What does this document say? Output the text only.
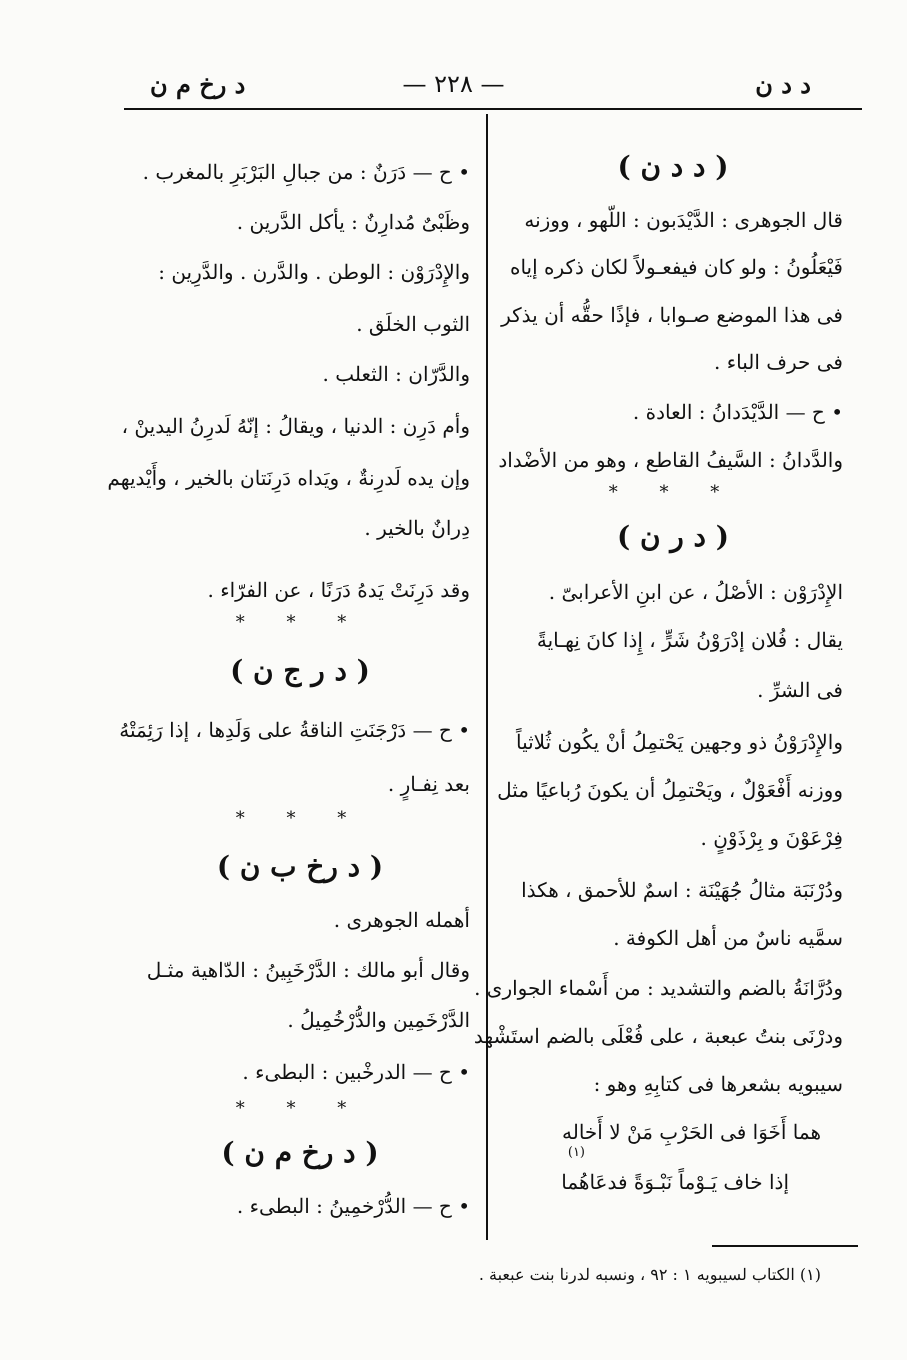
د د ن
— ٢٢٨ —
د رخ م ن
( د د ن )
قال الجوهرى : الدَّيْدَبون : اللّهو ، ووزنه
فَيْعَلُونُ : ولو كان فيفعـولاً لكان ذكره إياه
فى هذا الموضع صـوابا ، فإذًا حقُّه أن يذكر
فى حرف الباء .
• ح — الدَّيْدَدانُ : العادة .
والدَّدانُ : السَّيفُ القاطع ، وهو من الأضْداد
* * *
( د ر ن )
الإِدْرَوْن : الأصْلُ ، عن ابنِ الأعرابىّ .
يقال : فُلان إدْرَوْنُ شَرٍّ ، إِذا كانَ نِهـايةً
فى الشرِّ .
والإِدْرَوْنُ ذو وجهين يَحْتمِلُ أنْ يكُون ثُلاثياً
ووزنه أَفْعَوْلٌ ، ويَحْتمِلُ أن يكونَ رُباعيًا مثل
فِرْعَوْنَ و بِرْذَوْنٍ .
ودُرْنَبَة مثالُ جُهَيْنَة : اسمٌ للأحمق ، هكذا
سمَّيه ناسٌ من أهل الكوفة .
ودُرَّانَةُ بالضم والتشديد : من أَسْماء الجوارى .
ودرْنَى بنتُ عبعبة ، على فُعْلَى بالضم استَشْهد
سيبويه بشعرها فى كتابِهِ وهو :
هما أَخَوَا فى الحَرْبِ مَنْ لا أَخاله
إذا خاف يَـوْماً نَبْـوَةً فدعَاهُما
(١)
• ح — دَرَنٌ : من جبالِ البَرْبَرِ بالمغرب .
وظَبْىٌ مُدارِنٌ : يأكل الدَّرين .
والإِدْرَوْن : الوطن . والدَّرن . والدَّرِين :
الثوب الخلَق .
والدَّرّان : الثعلب .
وأم دَرِن : الدنيا ، ويقالُ : إنّهُ لَدرِنُ اليدينْ ،
وإن يده لَدرِنةٌ ، ويَداه دَرِنَتان بالخير ، وأَيْديهم
دِرانٌ بالخير .
وقد دَرِنَتْ يَدهُ دَرَنًا ، عن الفرّاء .
* * *
( د ر ج ن )
• ح — دَرْجَنَتِ الناقةُ على وَلَدِها ، إذا رَئِمَتْهُ
بعد نِفـارٍ .
* * *
( د رخ ب ن )
أهمله الجوهرى .
وقال أبو مالك : الدَّرْخَبِينُ : الدّاهية مثـل
الدَّرْخَمِين والدُّرْخُمِيلُ .
• ح — الدرخْبين : البطىء .
* * *
( د رخ م ن )
• ح — الدُّرْخمِينُ : البطىء .
(١) الكتاب لسيبويه ١ : ٩٢ ، ونسبه لدرنا بنت عبعبة .
